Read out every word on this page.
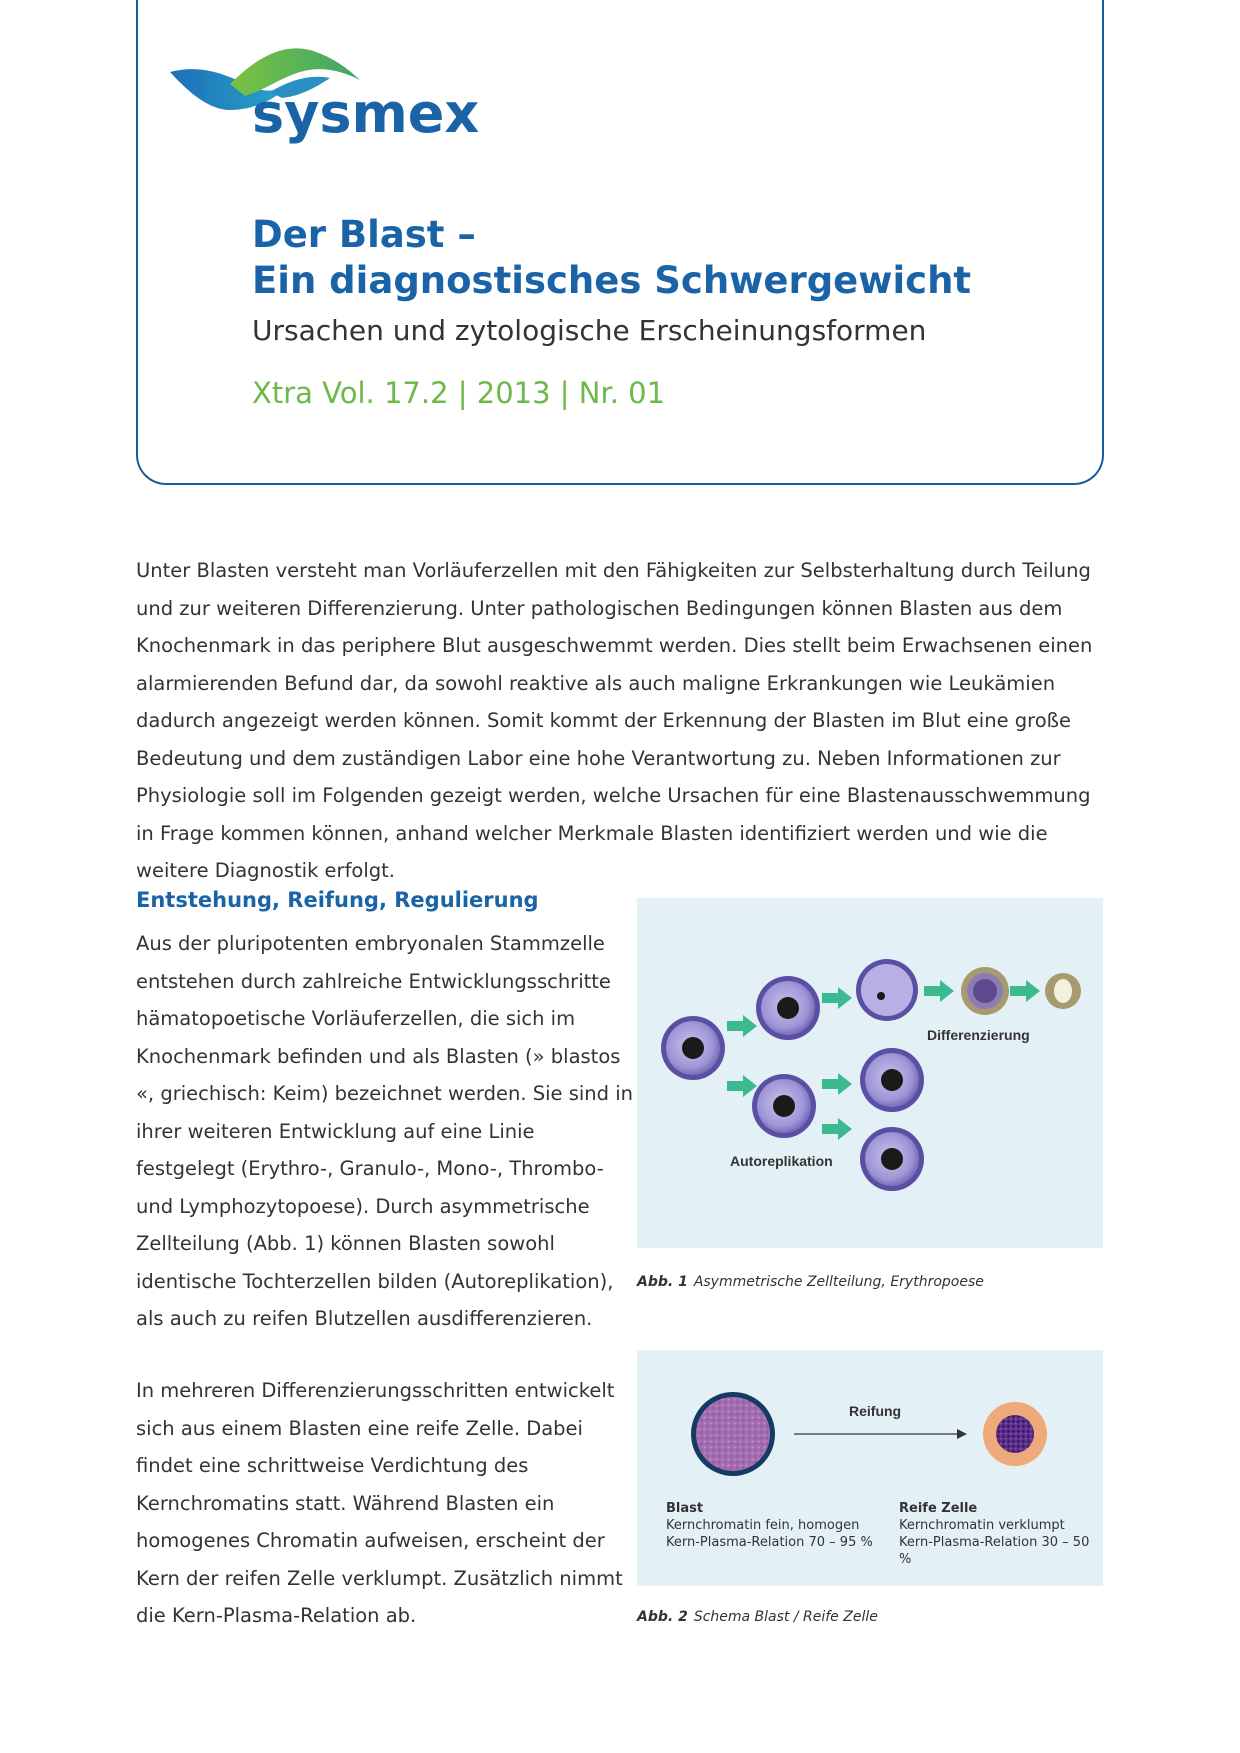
sysmex
Der Blast –
Ein diagnostisches Schwergewicht

Ursachen und zytologische Erscheinungsformen

Xtra Vol. 17.2 | 2013 | Nr. 01

Unter Blasten versteht man Vorläuferzellen mit den Fähigkeiten zur Selbsterhaltung durch Teilung und zur weiteren Differenzierung. Unter pathologischen Bedingungen können Blasten aus dem Knochenmark in das periphere Blut ausgeschwemmt werden. Dies stellt beim Erwachsenen einen alarmierenden Befund dar, da sowohl reaktive als auch maligne Erkrankungen wie Leukämien dadurch angezeigt werden können. Somit kommt der Erkennung der Blasten im Blut eine große Bedeutung und dem zuständigen Labor eine hohe Verantwortung zu. Neben Informationen zur Physiologie soll im Folgenden gezeigt werden, welche Ursachen für eine Blastenausschwemmung in Frage kommen können, anhand welcher Merkmale Blasten identifiziert werden und wie die weitere Diagnostik erfolgt.

Entstehung, Reifung, Regulierung

Aus der pluripotenten embryonalen Stammzelle entstehen durch zahlreiche Entwicklungsschritte hämatopoetische Vorläuferzellen, die sich im Knochenmark befinden und als Blasten (» blastos «, griechisch: Keim) bezeichnet werden. Sie sind in ihrer weiteren Entwicklung auf eine Linie festgelegt (Erythro-, Granulo-, Mono-, Thrombo- und Lymphozytopoese). Durch asymmetrische Zellteilung (Abb. 1) können Blasten sowohl identische Tochterzellen bilden (Autoreplikation), als auch zu reifen Blutzellen ausdifferenzieren.

In mehreren Differenzierungsschritten entwickelt sich aus einem Blasten eine reife Zelle. Dabei findet eine schrittweise Verdichtung des Kernchromatins statt. Während Blasten ein homogenes Chromatin aufweisen, erscheint der Kern der reifen Zelle verklumpt. Zusätzlich nimmt die Kern-Plasma-Relation ab.

Differenzierung
Autoreplikation

Abb. 1 Asymmetrische Zellteilung, Erythropoese

Reifung
Blast
Kernchromatin fein, homogen
Kern-Plasma-Relation 70 – 95 %
Reife Zelle
Kernchromatin verklumpt
Kern-Plasma-Relation 30 – 50 %

Abb. 2 Schema Blast / Reife Zelle
